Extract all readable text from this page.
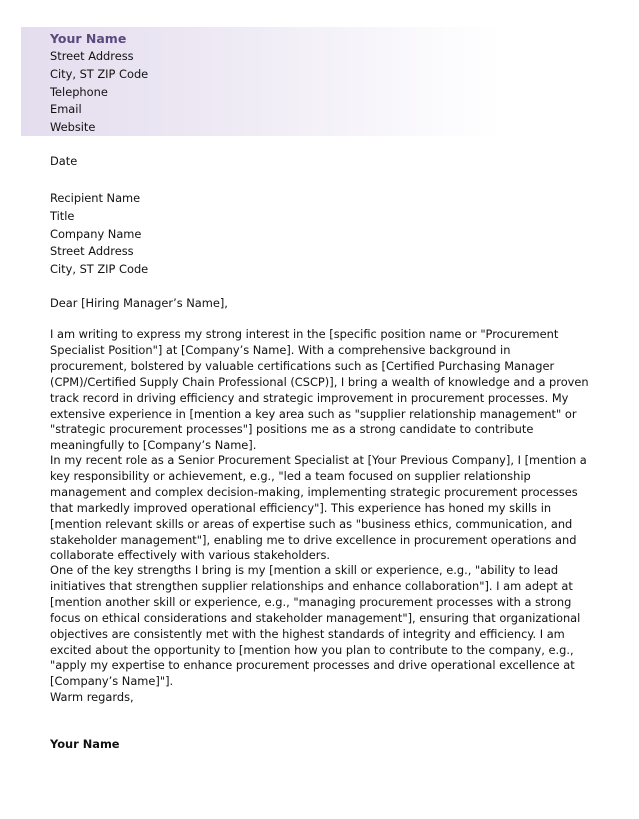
Your Name
Street Address
City, ST ZIP Code
Telephone
Email
Website
Date
Recipient Name
Title
Company Name
Street Address
City, ST ZIP Code
Dear [Hiring Manager’s Name],

I am writing to express my strong interest in the [specific position name or "Procurement Specialist Position"] at [Company’s Name]. With a comprehensive background in procurement, bolstered by valuable certifications such as [Certified Purchasing Manager (CPM)/Certified Supply Chain Professional (CSCP)], I bring a wealth of knowledge and a proven track record in driving efficiency and strategic improvement in procurement processes. My extensive experience in [mention a key area such as "supplier relationship management" or "strategic procurement processes"] positions me as a strong candidate to contribute meaningfully to [Company’s Name].

In my recent role as a Senior Procurement Specialist at [Your Previous Company], I [mention a key responsibility or achievement, e.g., "led a team focused on supplier relationship management and complex decision-making, implementing strategic procurement processes that markedly improved operational efficiency"]. This experience has honed my skills in [mention relevant skills or areas of expertise such as "business ethics, communication, and stakeholder management"], enabling me to drive excellence in procurement operations and collaborate effectively with various stakeholders.

One of the key strengths I bring is my [mention a skill or experience, e.g., "ability to lead initiatives that strengthen supplier relationships and enhance collaboration"]. I am adept at [mention another skill or experience, e.g., "managing procurement processes with a strong focus on ethical considerations and stakeholder management"], ensuring that organizational objectives are consistently met with the highest standards of integrity and efficiency. I am excited about the opportunity to [mention how you plan to contribute to the company, e.g., "apply my expertise to enhance procurement processes and drive operational excellence at [Company’s Name]"].

Warm regards,
Your Name
